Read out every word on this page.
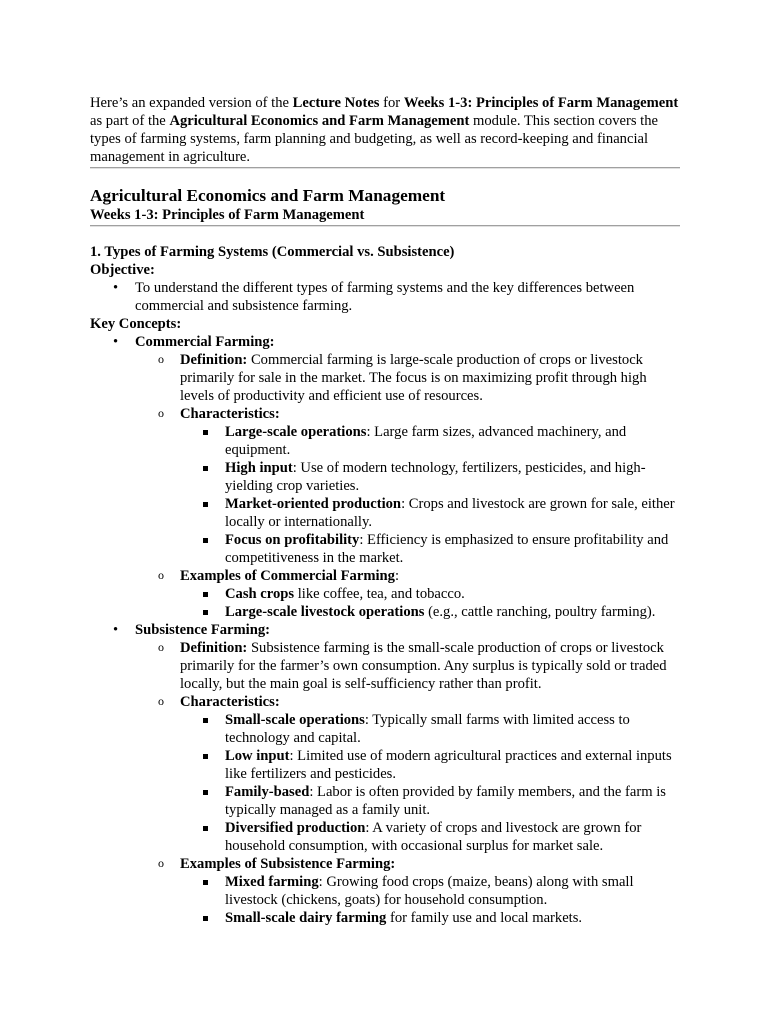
Here’s an expanded version of the Lecture Notes for Weeks 1-3: Principles of Farm Management as part of the Agricultural Economics and Farm Management module. This section covers the types of farming systems, farm planning and budgeting, as well as record-keeping and financial management in agriculture.

Agricultural Economics and Farm Management
Weeks 1-3: Principles of Farm Management
1. Types of Farming Systems (Commercial vs. Subsistence)
Objective:
• To understand the different types of farming systems and the key differences between commercial and subsistence farming.
Key Concepts:
• Commercial Farming:
o Definition: Commercial farming is large-scale production of crops or livestock primarily for sale in the market. The focus is on maximizing profit through high levels of productivity and efficient use of resources.
o Characteristics:
Large-scale operations: Large farm sizes, advanced machinery, and equipment.
High input: Use of modern technology, fertilizers, pesticides, and high-yielding crop varieties.
Market-oriented production: Crops and livestock are grown for sale, either locally or internationally.
Focus on profitability: Efficiency is emphasized to ensure profitability and competitiveness in the market.
o Examples of Commercial Farming:
Cash crops like coffee, tea, and tobacco.
Large-scale livestock operations (e.g., cattle ranching, poultry farming).
• Subsistence Farming:
o Definition: Subsistence farming is the small-scale production of crops or livestock primarily for the farmer’s own consumption. Any surplus is typically sold or traded locally, but the main goal is self-sufficiency rather than profit.
o Characteristics:
Small-scale operations: Typically small farms with limited access to technology and capital.
Low input: Limited use of modern agricultural practices and external inputs like fertilizers and pesticides.
Family-based: Labor is often provided by family members, and the farm is typically managed as a family unit.
Diversified production: A variety of crops and livestock are grown for household consumption, with occasional surplus for market sale.
o Examples of Subsistence Farming:
Mixed farming: Growing food crops (maize, beans) along with small livestock (chickens, goats) for household consumption.
Small-scale dairy farming for family use and local markets.
